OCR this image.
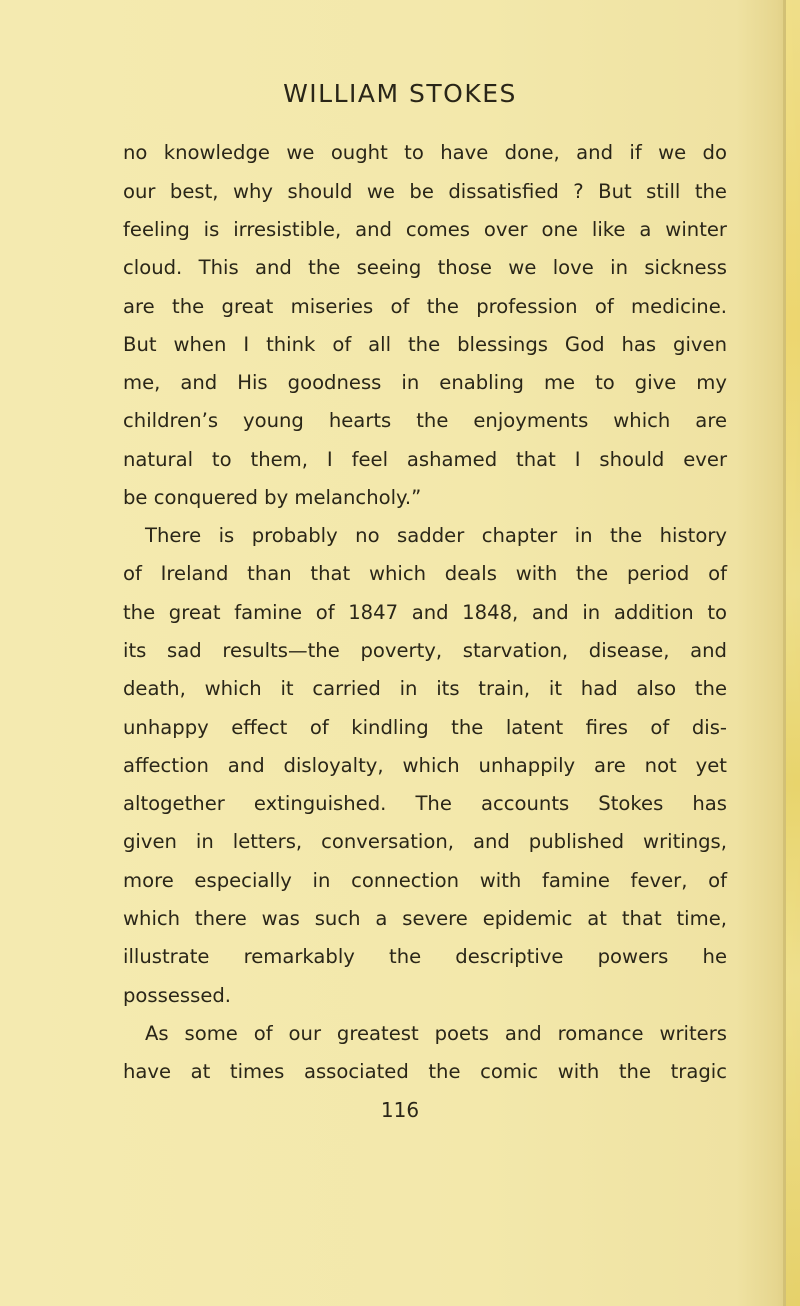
WILLIAM STOKES
no knowledge we ought to have done, and if we do
our best, why should we be dissatisfied ? But still the
feeling is irresistible, and comes over one like a winter
cloud. This and the seeing those we love in sickness
are the great miseries of the profession of medicine.
But when I think of all the blessings God has given
me, and His goodness in enabling me to give my
children’s young hearts the enjoyments which are
natural to them, I feel ashamed that I should ever
be conquered by melancholy.”
There is probably no sadder chapter in the history
of Ireland than that which deals with the period of
the great famine of 1847 and 1848, and in addition to
its sad results—the poverty, starvation, disease, and
death, which it carried in its train, it had also the
unhappy effect of kindling the latent fires of dis-
affection and disloyalty, which unhappily are not yet
altogether extinguished. The accounts Stokes has
given in letters, conversation, and published writings,
more especially in connection with famine fever, of
which there was such a severe epidemic at that time,
illustrate remarkably the descriptive powers he
possessed.
As some of our greatest poets and romance writers
have at times associated the comic with the tragic
116
